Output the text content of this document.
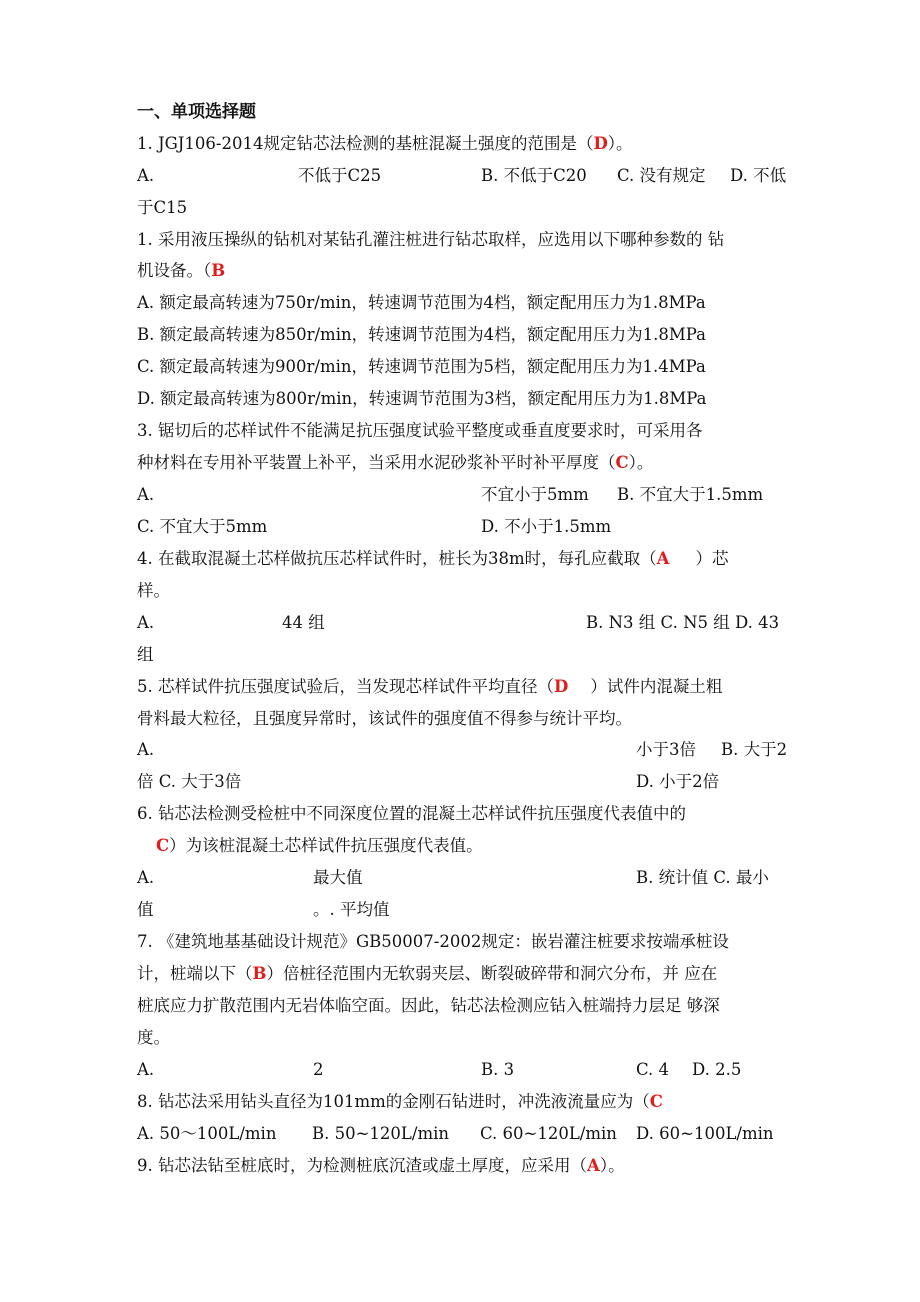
一、单项选择题
1. JGJ106-2014规定钻芯法检测的基桩混凝土强度的范围是（D）。
A.	不低于C25	B. 不低于C20 C. 没有规定 D. 不低
于C15
1. 采用液压操纵的钻机对某钻孔灌注桩进行钻芯取样，应选用以下哪种参数的 钻
机设备。（B
A. 额定最高转速为750r/min，转速调节范围为4档，额定配用压力为1.8MPa
B. 额定最高转速为850r/min，转速调节范围为4档，额定配用压力为1.8MPa
C. 额定最高转速为900r/min，转速调节范围为5档，额定配用压力为1.4MPa
D. 额定最高转速为800r/min，转速调节范围为3档，额定配用压力为1.8MPa
3. 锯切后的芯样试件不能满足抗压强度试验平整度或垂直度要求时，可采用各
种材料在专用补平装置上补平，当采用水泥砂浆补平时补平厚度（C）。
A.	不宜小于5mm B. 不宜大于1.5mm
C. 不宜大于5mm	D. 不小于1.5mm
4. 在截取混凝土芯样做抗压芯样试件时，桩长为38m时，每孔应截取（A ）芯
样。
A.	44 组	B. N3 组 C. N5 组 D. 43
组
5. 芯样试件抗压强度试验后，当发现芯样试件平均直径（D ）试件内混凝土粗
骨料最大粒径，且强度异常时，该试件的强度值不得参与统计平均。
A.	小于3倍 B. 大于2
倍 C. 大于3倍	D. 小于2倍
6. 钻芯法检测受检桩中不同深度位置的混凝土芯样试件抗压强度代表值中的
C）为该桩混凝土芯样试件抗压强度代表值。
A.	最大值	B. 统计值 C. 最小
值	。. 平均值
7. 《建筑地基基础设计规范》GB50007-2002规定：嵌岩灌注桩要求按端承桩设
计，桩端以下（B）倍桩径范围内无软弱夹层、断裂破碎带和洞穴分布，并 应在
桩底应力扩散范围内无岩体临空面。因此，钻芯法检测应钻入桩端持力层足 够深
度。
A.	2	B. 3	C. 4 D. 2.5
8. 钻芯法采用钻头直径为101mm的金刚石钻进时，冲洗液流量应为（C
A. 50～100L/min B. 50~120L/min C. 60~120L/min D. 60~100L/min
9. 钻芯法钻至桩底时，为检测桩底沉渣或虚土厚度，应采用（A）。
